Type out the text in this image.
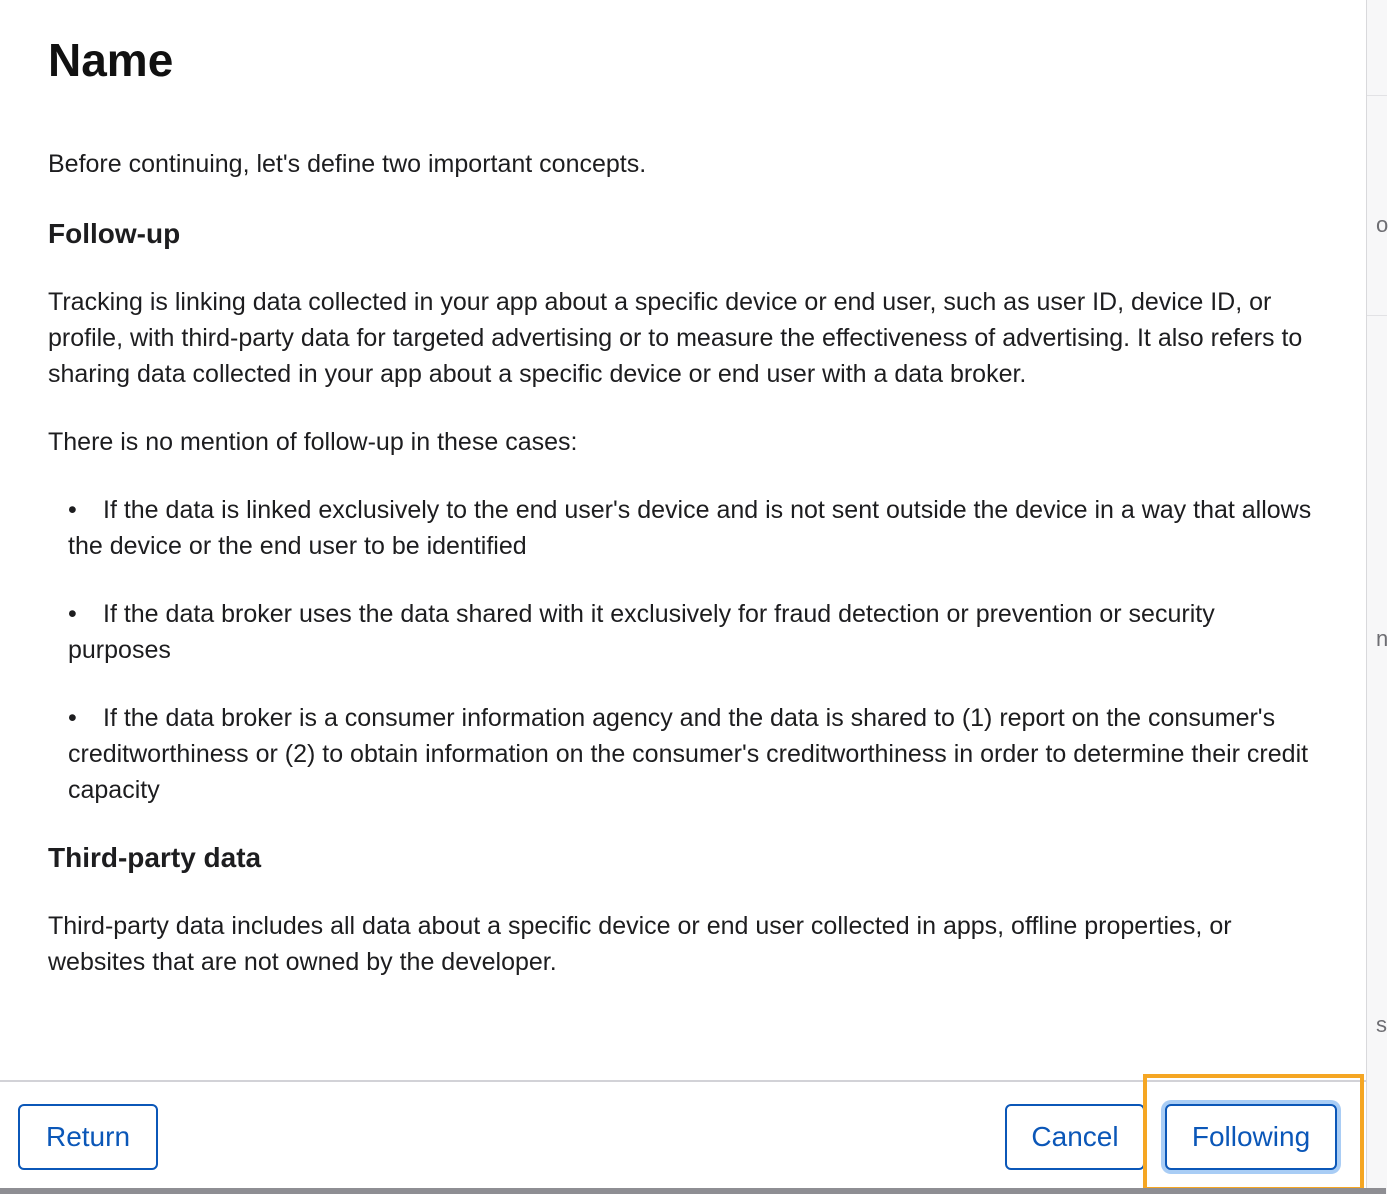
o
n
s
Name

Before continuing, let's define two important concepts.

Follow-up

Tracking is linking data collected in your app about a specific device or end user, such as user ID, device ID, or profile, with third-party data for targeted advertising or to measure the effectiveness of advertising. It also refers to sharing data collected in your app about a specific device or end user with a data broker.

There is no mention of follow-up in these cases:

• If the data is linked exclusively to the end user's device and is not sent outside the device in a way that allows the device or the end user to be identified
• If the data broker uses the data shared with it exclusively for fraud detection or prevention or security purposes
• If the data broker is a consumer information agency and the data is shared to (1) report on the consumer's creditworthiness or (2) to obtain information on the consumer's creditworthiness in order to determine their credit capacity
Third-party data

Third-party data includes all data about a specific device or end user collected in apps, offline properties, or websites that are not owned by the developer.

Return	Cancel	Following
